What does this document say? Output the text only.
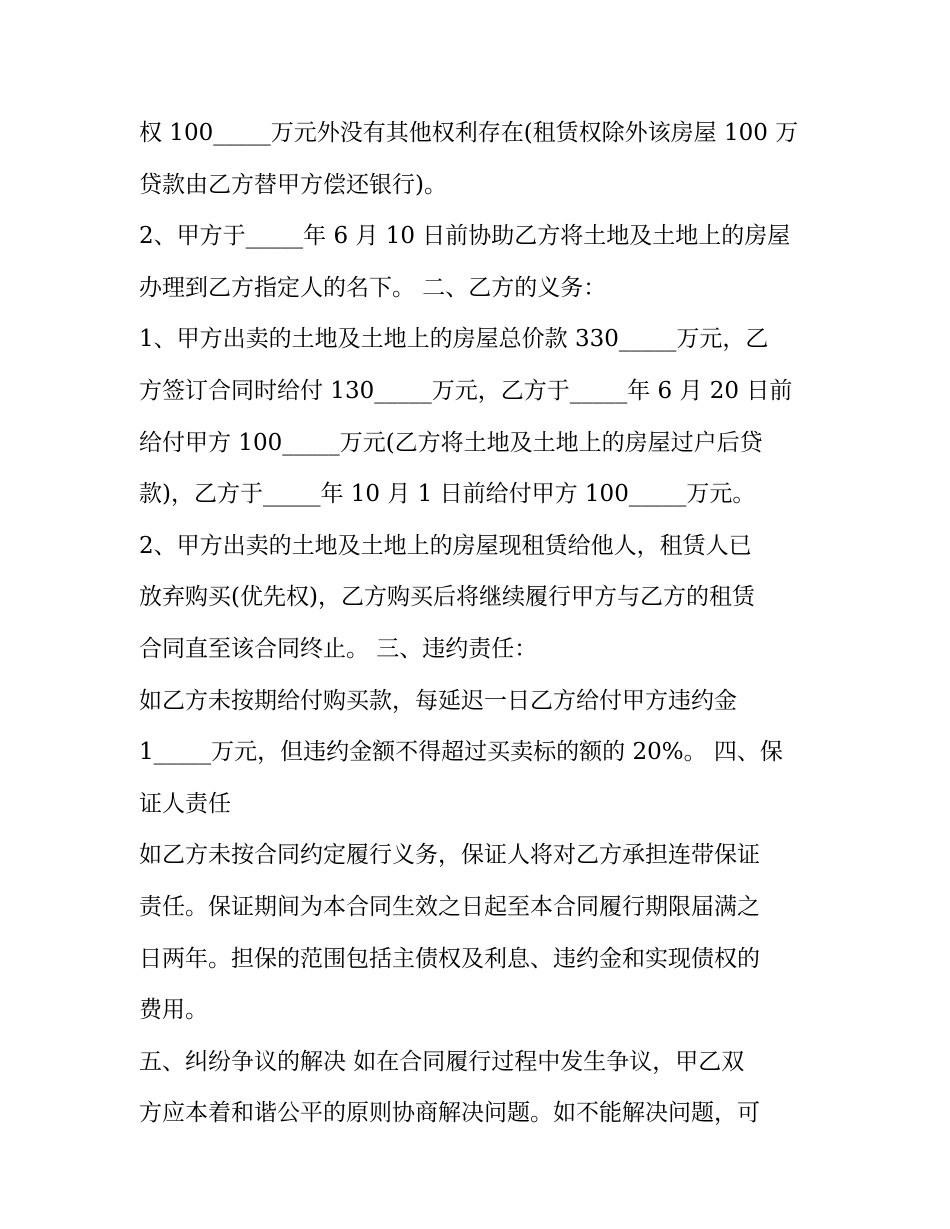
权 100_____万元外没有其他权利存在(租赁权除外该房屋 100 万
贷款由乙方替甲方偿还银行)。
2、甲方于_____年 6 月 10 日前协助乙方将土地及土地上的房屋
办理到乙方指定人的名下。 二、乙方的义务：
1、甲方出卖的土地及土地上的房屋总价款 330_____万元，乙
方签订合同时给付 130_____万元，乙方于_____年 6 月 20 日前
给付甲方 100_____万元(乙方将土地及土地上的房屋过户后贷
款)，乙方于_____年 10 月 1 日前给付甲方 100_____万元。
2、甲方出卖的土地及土地上的房屋现租赁给他人，租赁人已
放弃购买(优先权)，乙方购买后将继续履行甲方与乙方的租赁
合同直至该合同终止。 三、违约责任：
如乙方未按期给付购买款，每延迟一日乙方给付甲方违约金
1_____万元，但违约金额不得超过买卖标的额的 20%。 四、保
证人责任
如乙方未按合同约定履行义务，保证人将对乙方承担连带保证
责任。保证期间为本合同生效之日起至本合同履行期限届满之
日两年。担保的范围包括主债权及利息、违约金和实现债权的
费用。
五、纠纷争议的解决 如在合同履行过程中发生争议，甲乙双
方应本着和谐公平的原则协商解决问题。如不能解决问题，可
